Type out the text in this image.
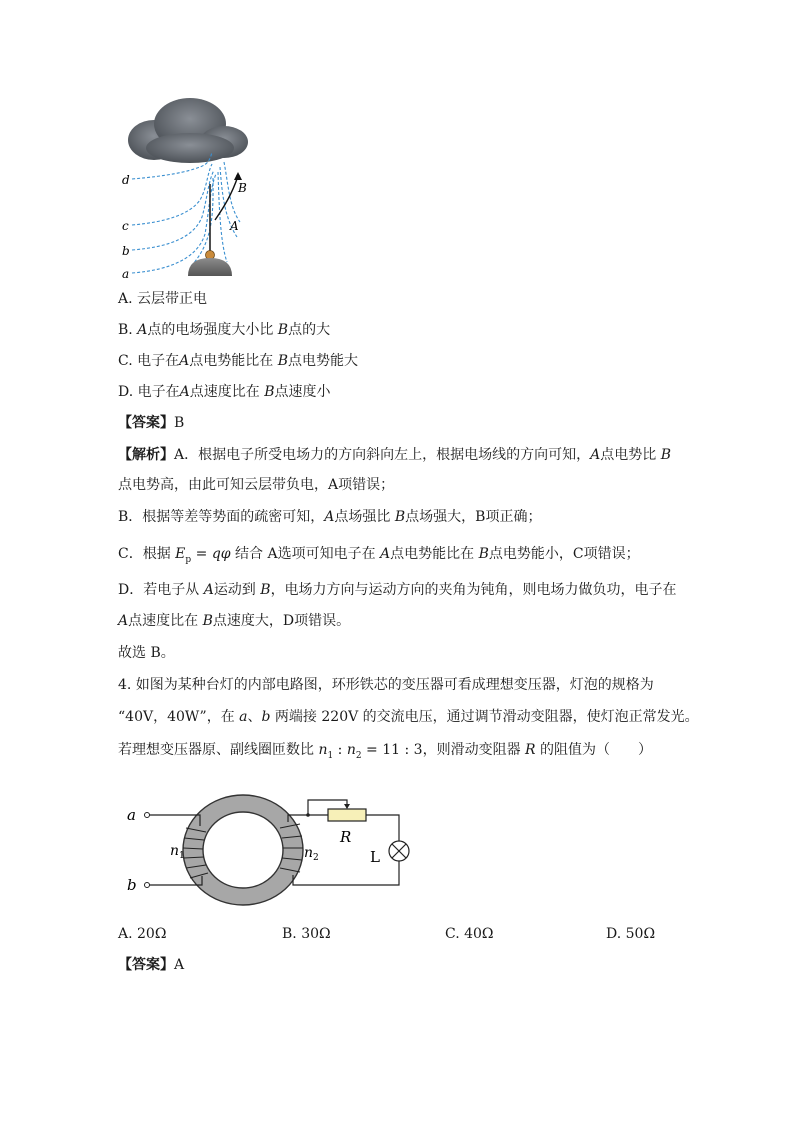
d
c
b
a
A
B
A. 云层带正电
B. A点的电场强度大小比 B点的大
C. 电子在A点电势能比在 B点电势能大
D. 电子在A点速度比在 B点速度小
【答案】B
【解析】A．根据电子所受电场力的方向斜向左上，根据电场线的方向可知，A点电势比 B
点电势高，由此可知云层带负电，A项错误；
B．根据等差等势面的疏密可知，A点场强比 B点场强大，B项正确；
C．根据 $E_p = q\varphi$ 结合 A选项可知电子在 A点电势能比在 B点电势能小，C项错误；
D．若电子从 A运动到 B，电场力方向与运动方向的夹角为钝角，则电场力做负功，电子在
A点速度比在 B点速度大，D项错误。
故选 B。
4. 如图为某种台灯的内部电路图，环形铁芯的变压器可看成理想变压器，灯泡的规格为
“40V，40W”，在 a、b 两端接 220V 的交流电压，通过调节滑动变阻器，使灯泡正常发光。
若理想变压器原、副线圈匝数比 $n_1$ : $n_2 = 11$ : 3，则滑动变阻器 R 的阻值为（　　）
a
b
$n_1$	$n_2$
R
L
A. 20Ω	B. 30Ω	C. 40Ω	D. 50Ω
【答案】A
